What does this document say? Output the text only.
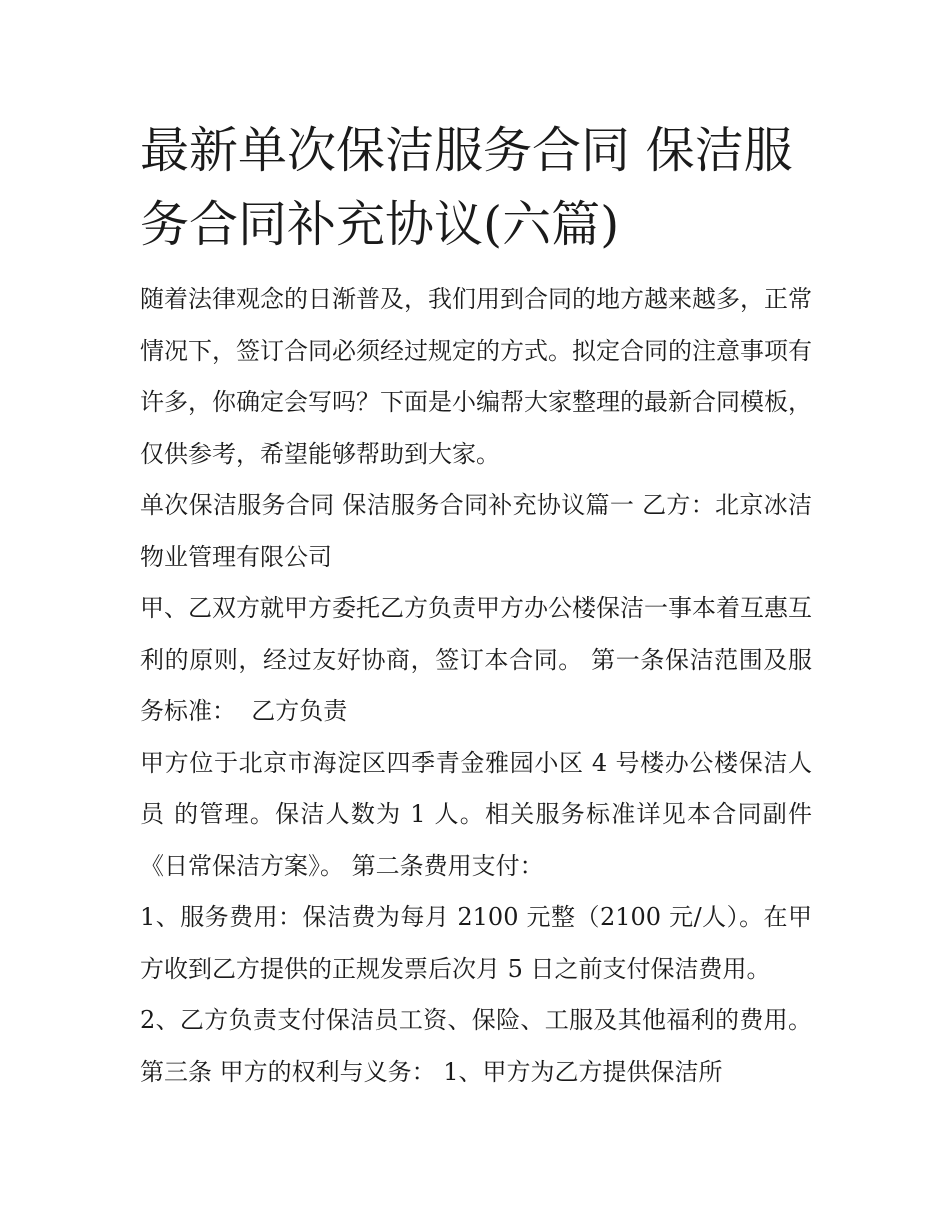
最新单次保洁服务合同 保洁服务合同补充协议(六篇)

随着法律观念的日渐普及，我们用到合同的地方越来越多，正常情况下，签订合同必须经过规定的方式。拟定合同的注意事项有许多，你确定会写吗？下面是小编帮大家整理的最新合同模板，仅供参考，希望能够帮助到大家。

单次保洁服务合同 保洁服务合同补充协议篇一 乙方：北京冰洁物业管理有限公司

甲、乙双方就甲方委托乙方负责甲方办公楼保洁一事本着互惠互利的原则，经过友好协商，签订本合同。 第一条保洁范围及服务标准：  乙方负责

甲方位于北京市海淀区四季青金雅园小区 4 号楼办公楼保洁人员 的管理。保洁人数为 1 人。相关服务标准详见本合同副件《日常保洁方案》。 第二条费用支付：

1、服务费用：保洁费为每月 2100 元整（2100 元/人）。在甲方收到乙方提供的正规发票后次月 5 日之前支付保洁费用。

2、乙方负责支付保洁员工资、保险、工服及其他福利的费用。 第三条 甲方的权利与义务： 1、甲方为乙方提供保洁所
